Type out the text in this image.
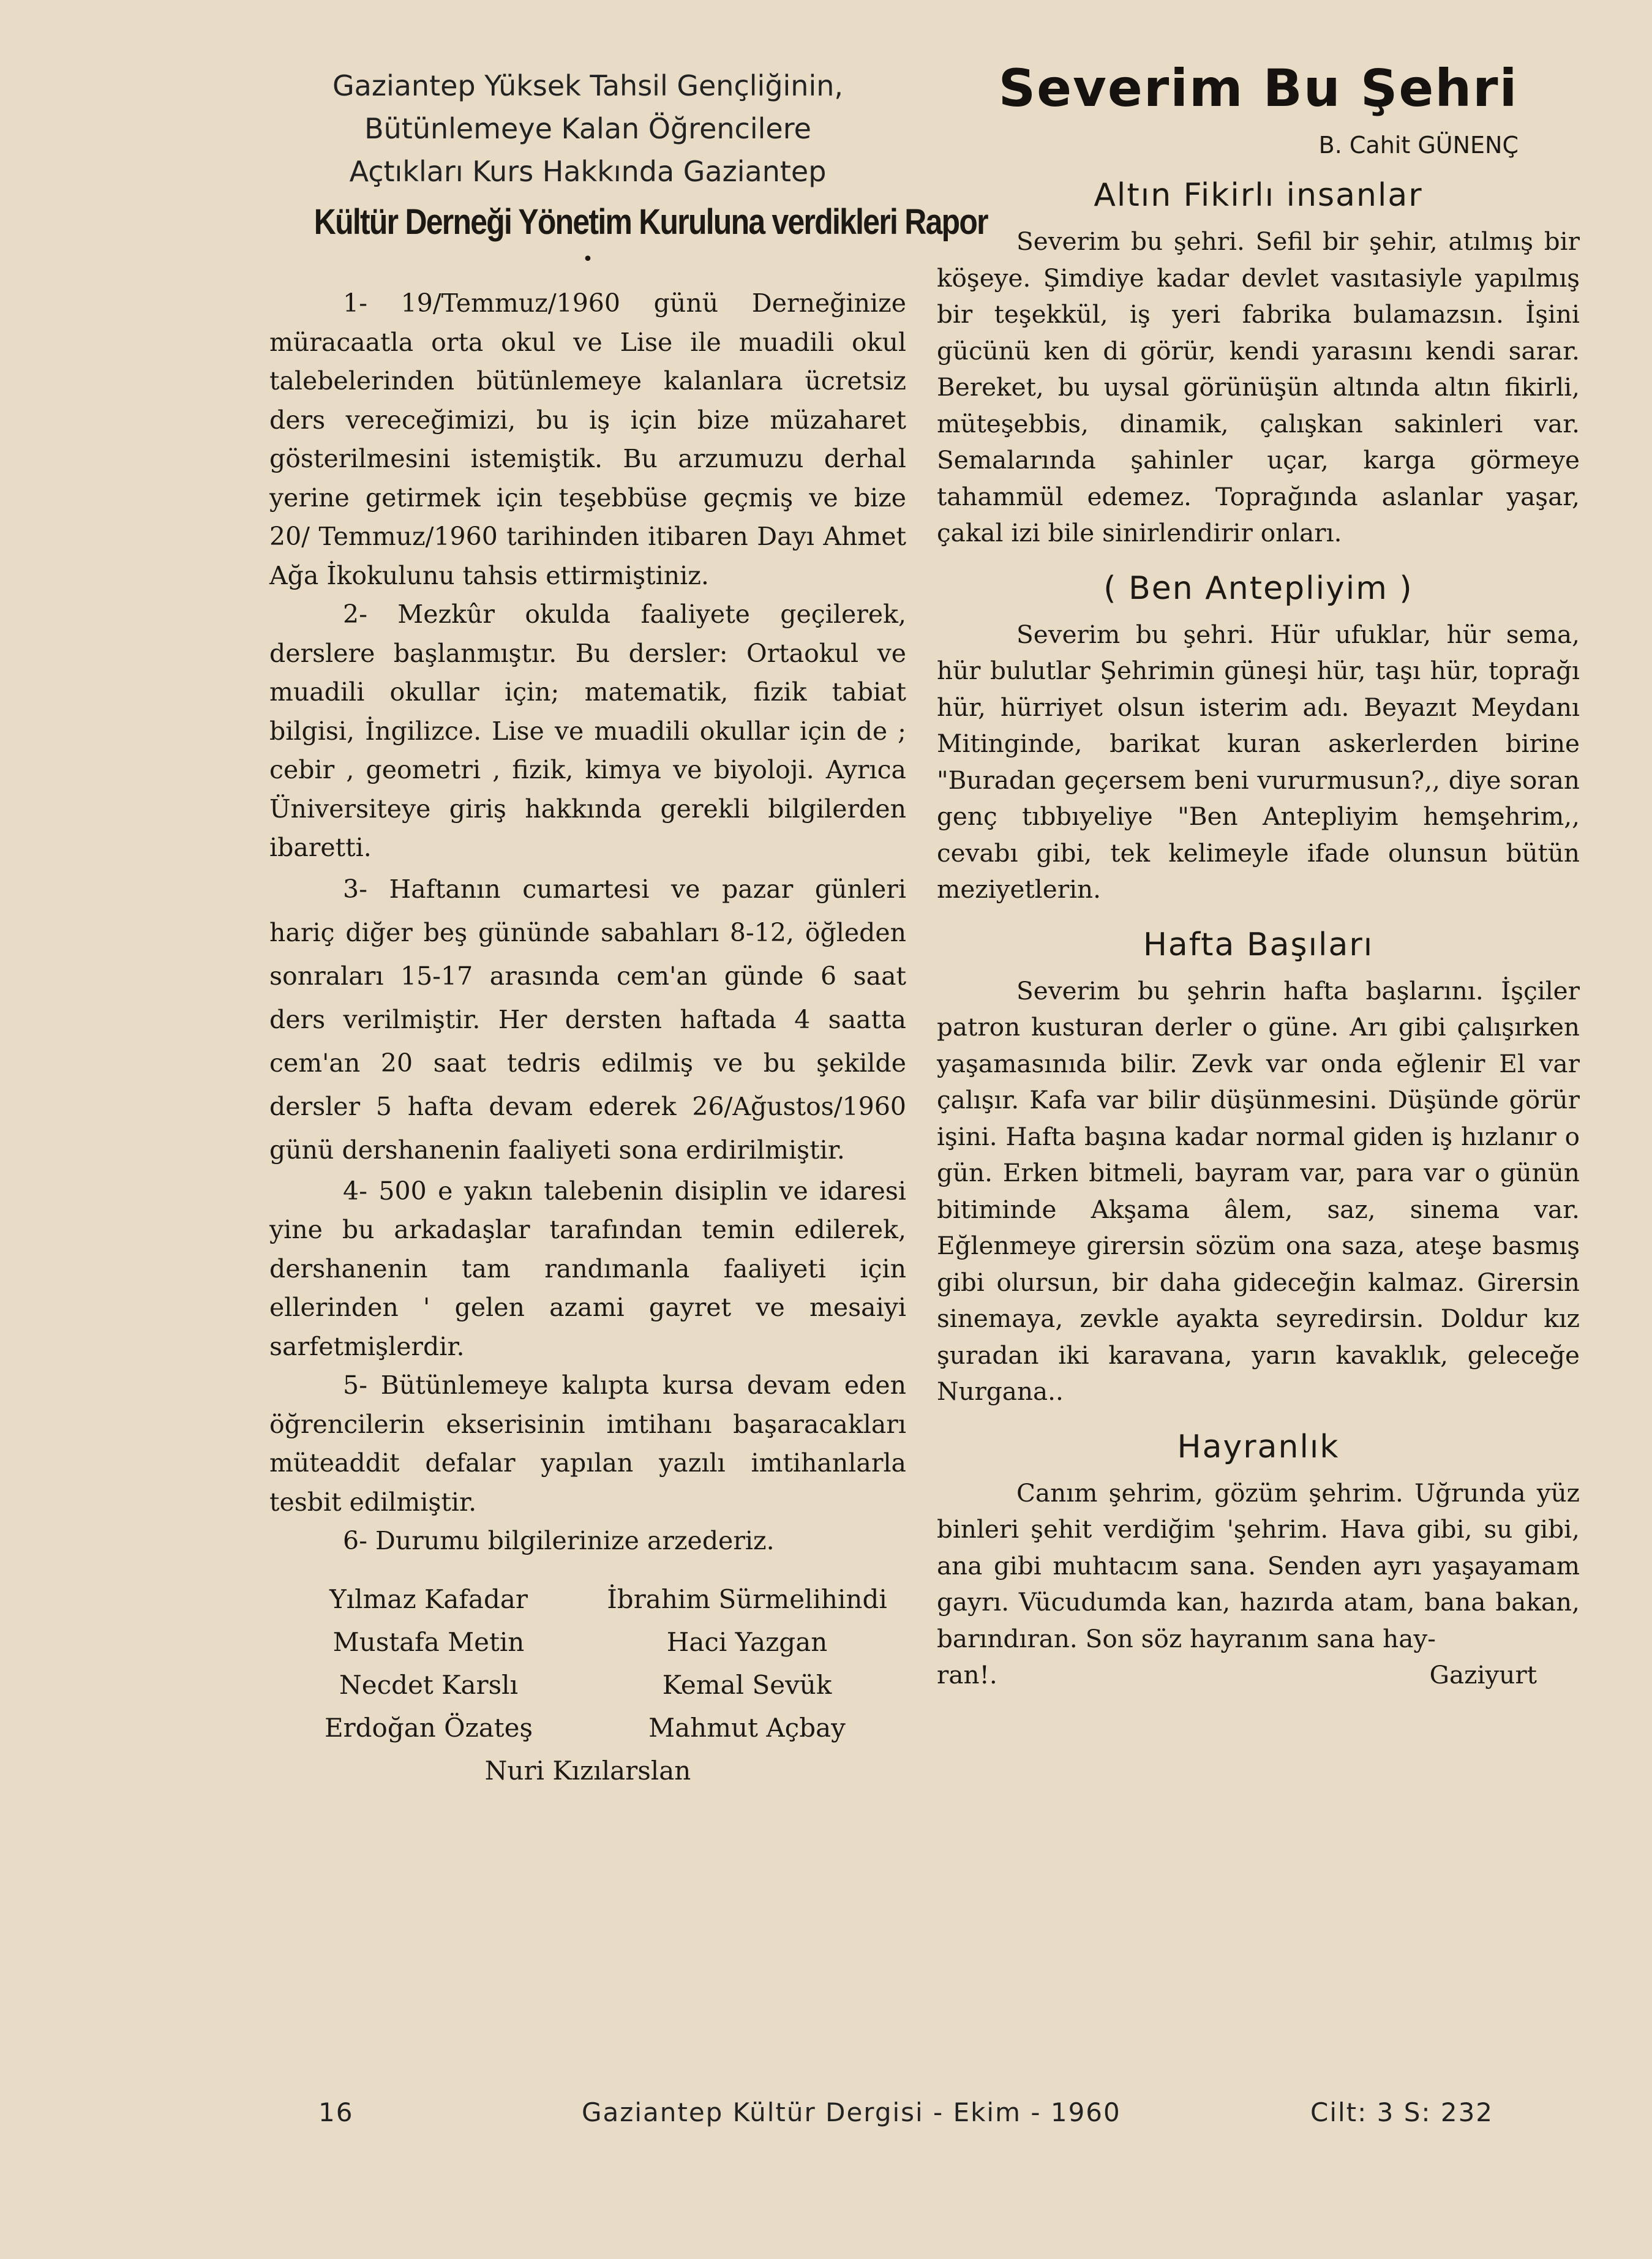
Gaziantep Yüksek Tahsil Gençliğinin,
Bütünlemeye Kalan Öğrencilere
Açtıkları Kurs Hakkında Gaziantep
Kültür Derneği Yönetim Kuruluna verdikleri Rapor
•

1- 19/Temmuz/1960 günü Derneğinize müracaatla orta okul ve Lise ile muadili okul talebelerinden bütünlemeye kalanlara ücretsiz ders vereceğimizi, bu iş için bize müzaharet gösterilmesini istemiştik. Bu arzumuzu derhal yerine getirmek için teşebbüse geçmiş ve bize 20/ Temmuz/1960 tarihinden itibaren Dayı Ahmet Ağa İkokulunu tahsis ettirmiştiniz.

2- Mezkûr okulda faaliyete geçilerek, derslere başlanmıştır. Bu dersler: Ortaokul ve muadili okullar için; matematik, fizik tabiat bilgisi, İngilizce. Lise ve muadili okullar için de ; cebir , geometri , fizik, kimya ve biyoloji. Ayrıca Üniversiteye giriş hakkında gerekli bilgilerden ibaretti.

3- Haftanın cumartesi ve pazar günleri hariç diğer beş gününde sabahları 8-12, öğleden sonraları 15-17 arasında cem'an günde 6 saat ders verilmiştir. Her dersten haftada 4 saatta cem'an 20 saat tedris edilmiş ve bu şekilde dersler 5 hafta devam ederek 26/Ağustos/1960 günü dershanenin faaliyeti sona erdirilmiştir.

4- 500 e yakın talebenin disiplin ve idaresi yine bu arkadaşlar tarafından temin edilerek, dershanenin tam randımanla faaliyeti için ellerinden ' gelen azami gayret ve mesaiyi sarfetmişlerdir.

5- Bütünlemeye kalıpta kursa devam eden öğrencilerin ekserisinin imtihanı başaracakları müteaddit defalar yapılan yazılı imtihanlarla tesbit edilmiştir.

6- Durumu bilgilerinize arzederiz.

Yılmaz Kafadar	İbrahim Sürmelihindi
Mustafa Metin	Haci Yazgan
Necdet Karslı	Kemal Sevük
Erdoğan Özateş	Mahmut Açbay
Nuri Kızılarslan
Severim Bu Şehri
B. Cahit GÜNENÇ
Altın Fikirlı insanlar

Severim bu şehri. Sefil bir şehir, atılmış bir köşeye. Şimdiye kadar devlet vasıtasiyle yapılmış bir teşekkül, iş yeri fabrika bulamazsın. İşini gücünü ken di görür, kendi yarasını kendi sarar. Bereket, bu uysal görünüşün altında altın fikirli, müteşebbis, dinamik, çalışkan sakinleri var. Semalarında şahinler uçar, karga görmeye tahammül edemez. Toprağında aslanlar yaşar, çakal izi bile sinirlendirir onları.

( Ben Antepliyim )

Severim bu şehri. Hür ufuklar, hür sema, hür bulutlar Şehrimin güneşi hür, taşı hür, toprağı hür, hürriyet olsun isterim adı. Beyazıt Meydanı Mitinginde, barikat kuran askerlerden birine "Buradan geçersem beni vururmusun?,, diye soran genç tıbbıyeliye "Ben Antepliyim hemşehrim,, cevabı gibi, tek kelimeyle ifade olunsun bütün meziyetlerin.

Hafta Başıları

Severim bu şehrin hafta başlarını. İşçiler patron kusturan derler o güne. Arı gibi çalışırken yaşamasınıda bilir. Zevk var onda eğlenir El var çalışır. Kafa var bilir düşünmesini. Düşünde görür işini. Hafta başına kadar normal giden iş hızlanır o gün. Erken bitmeli, bayram var, para var o günün bitiminde Akşama âlem, saz, sinema var. Eğlenmeye girersin sözüm ona saza, ateşe basmış gibi olursun, bir daha gideceğin kalmaz. Girersin sinemaya, zevkle ayakta seyredirsin. Doldur kız şuradan iki karavana, yarın kavaklık, geleceğe Nurgana..

Hayranlık

Canım şehrim, gözüm şehrim. Uğrunda yüz binleri şehit verdiğim 'şehrim. Hava gibi, su gibi, ana gibi muhtacım sana. Senden ayrı yaşayamam gayrı. Vücudumda kan, hazırda atam, bana bakan, barındıran. Son söz hayranım sana hay-

ran!.	Gaziyurt
16	Gaziantep Kültür Dergisi - Ekim - 1960	Cilt: 3 S: 232
